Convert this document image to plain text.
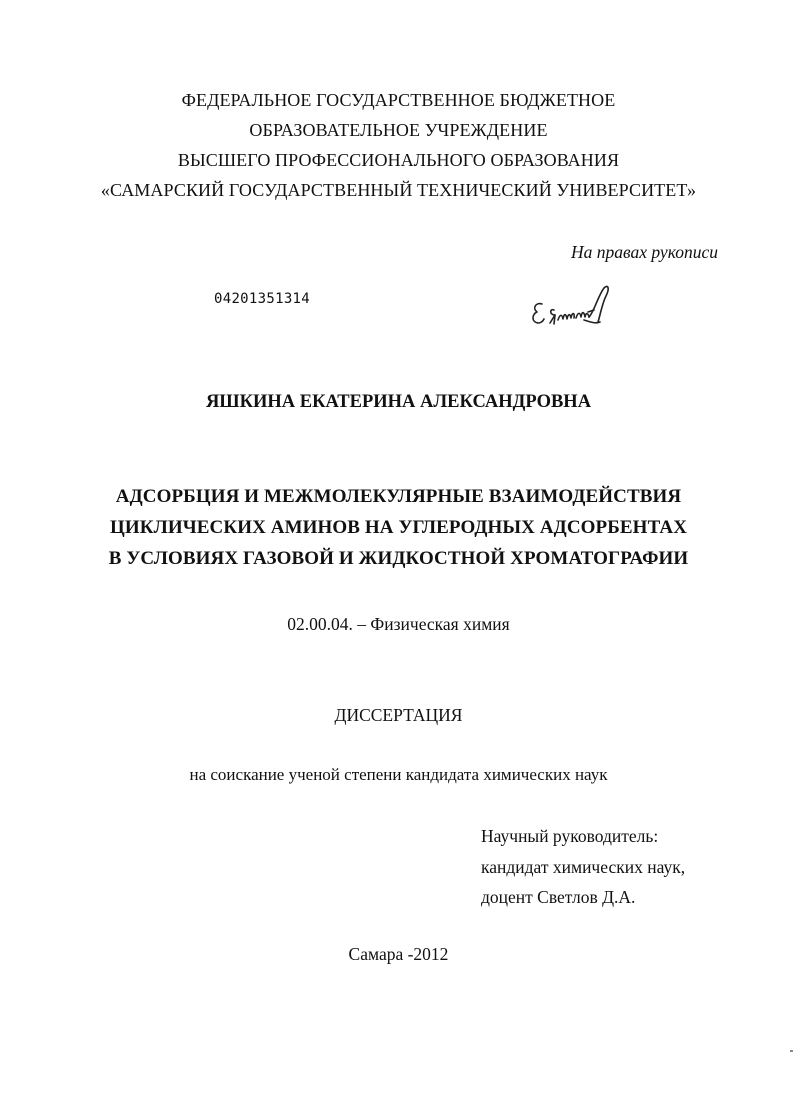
ФЕДЕРАЛЬНОЕ ГОСУДАРСТВЕННОЕ БЮДЖЕТНОЕ
ОБРАЗОВАТЕЛЬНОЕ УЧРЕЖДЕНИЕ
ВЫСШЕГО ПРОФЕССИОНАЛЬНОГО ОБРАЗОВАНИЯ
«САМАРСКИЙ ГОСУДАРСТВЕННЫЙ ТЕХНИЧЕСКИЙ УНИВЕРСИТЕТ»
На правах рукописи
04201351314
ЯШКИНА ЕКАТЕРИНА АЛЕКСАНДРОВНА
АДСОРБЦИЯ И МЕЖМОЛЕКУЛЯРНЫЕ ВЗАИМОДЕЙСТВИЯ
ЦИКЛИЧЕСКИХ АМИНОВ НА УГЛЕРОДНЫХ АДСОРБЕНТАХ
В УСЛОВИЯХ ГАЗОВОЙ И ЖИДКОСТНОЙ ХРОМАТОГРАФИИ
02.00.04. – Физическая химия
ДИССЕРТАЦИЯ
на соискание ученой степени кандидата химических наук
Научный руководитель:
кандидат химических наук,
доцент Светлов Д.А.
Самара -2012
